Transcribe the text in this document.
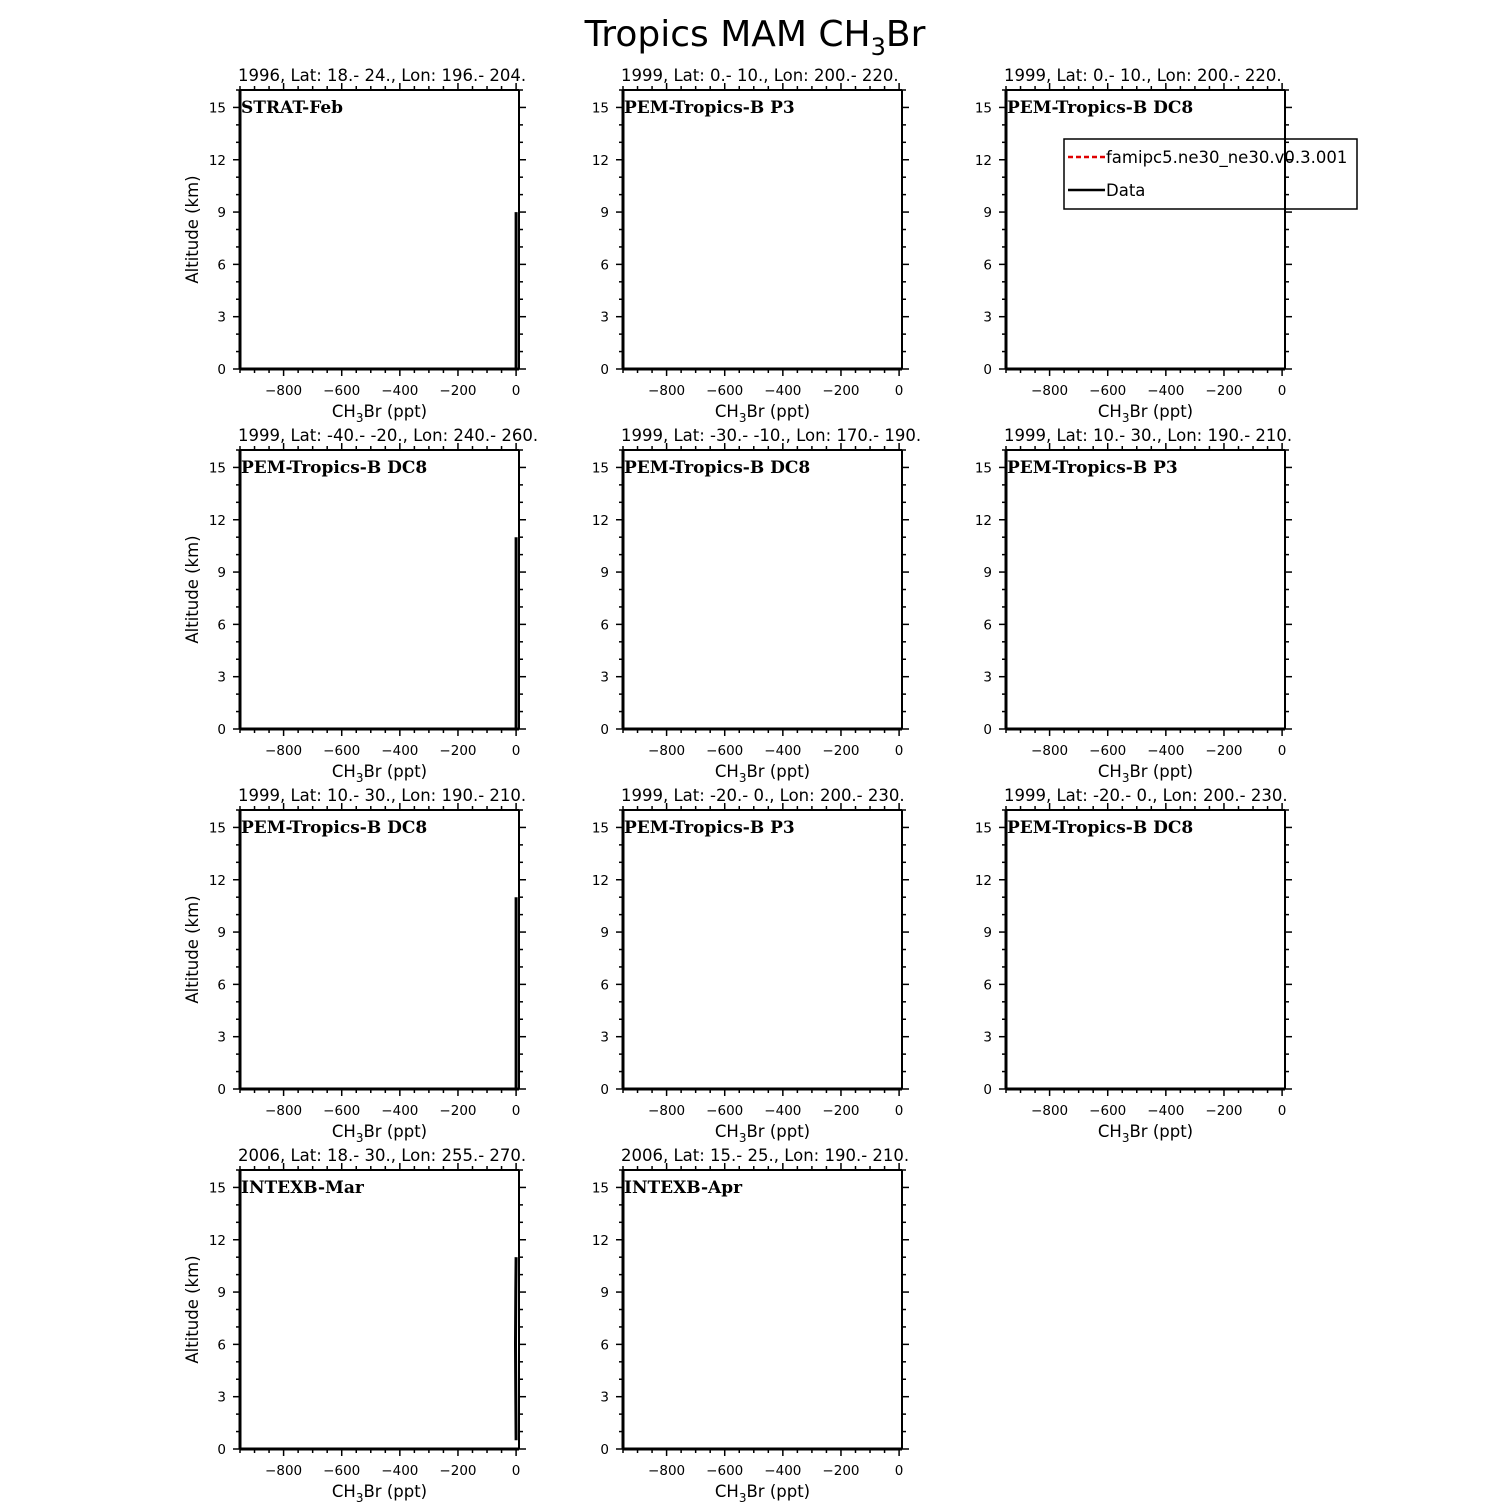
Tropics MAM $CH_3Br$
1996, Lat: 18.- 24., Lon: 196.- 204.
STRAT-Feb
−800 −600 −400 −200	0
0
3
6
9
12
15
$CH_3Br$ (ppt)
Altitude (km)
1999, Lat: 0.- 10., Lon: 200.- 220.
PEM-Tropics-B P3
−800 −600 −400 −200	0
0
3
6
9
12
15
$CH_3Br$ (ppt)
1999, Lat: 0.- 10., Lon: 200.- 220.
PEM-Tropics-B DC8
−800 −600 −400 −200	0
0
3
6
9
12
15
$CH_3Br$ (ppt)
famipc5.ne30_ne30.v0.3.001
Data
1999, Lat: -40.- -20., Lon: 240.- 260.
PEM-Tropics-B DC8
−800 −600 −400 −200	0
0
3
6
9
12
15
$CH_3Br$ (ppt)
Altitude (km)
1999, Lat: -30.- -10., Lon: 170.- 190.
PEM-Tropics-B DC8
−800 −600 −400 −200	0
0
3
6
9
12
15
$CH_3Br$ (ppt)
1999, Lat: 10.- 30., Lon: 190.- 210.
PEM-Tropics-B P3
−800 −600 −400 −200	0
0
3
6
9
12
15
$CH_3Br$ (ppt)
1999, Lat: 10.- 30., Lon: 190.- 210.
PEM-Tropics-B DC8
−800 −600 −400 −200	0
0
3
6
9
12
15
$CH_3Br$ (ppt)
Altitude (km)
1999, Lat: -20.- 0., Lon: 200.- 230.
PEM-Tropics-B P3
−800 −600 −400 −200	0
0
3
6
9
12
15
$CH_3Br$ (ppt)
1999, Lat: -20.- 0., Lon: 200.- 230.
PEM-Tropics-B DC8
−800 −600 −400 −200	0
0
3
6
9
12
15
$CH_3Br$ (ppt)
2006, Lat: 18.- 30., Lon: 255.- 270.
INTEXB-Mar
−800 −600 −400 −200	0
0
3
6
9
12
15
$CH_3Br$ (ppt)
Altitude (km)
2006, Lat: 15.- 25., Lon: 190.- 210.
INTEXB-Apr
−800 −600 −400 −200	0
0
3
6
9
12
15
$CH_3Br$ (ppt)
